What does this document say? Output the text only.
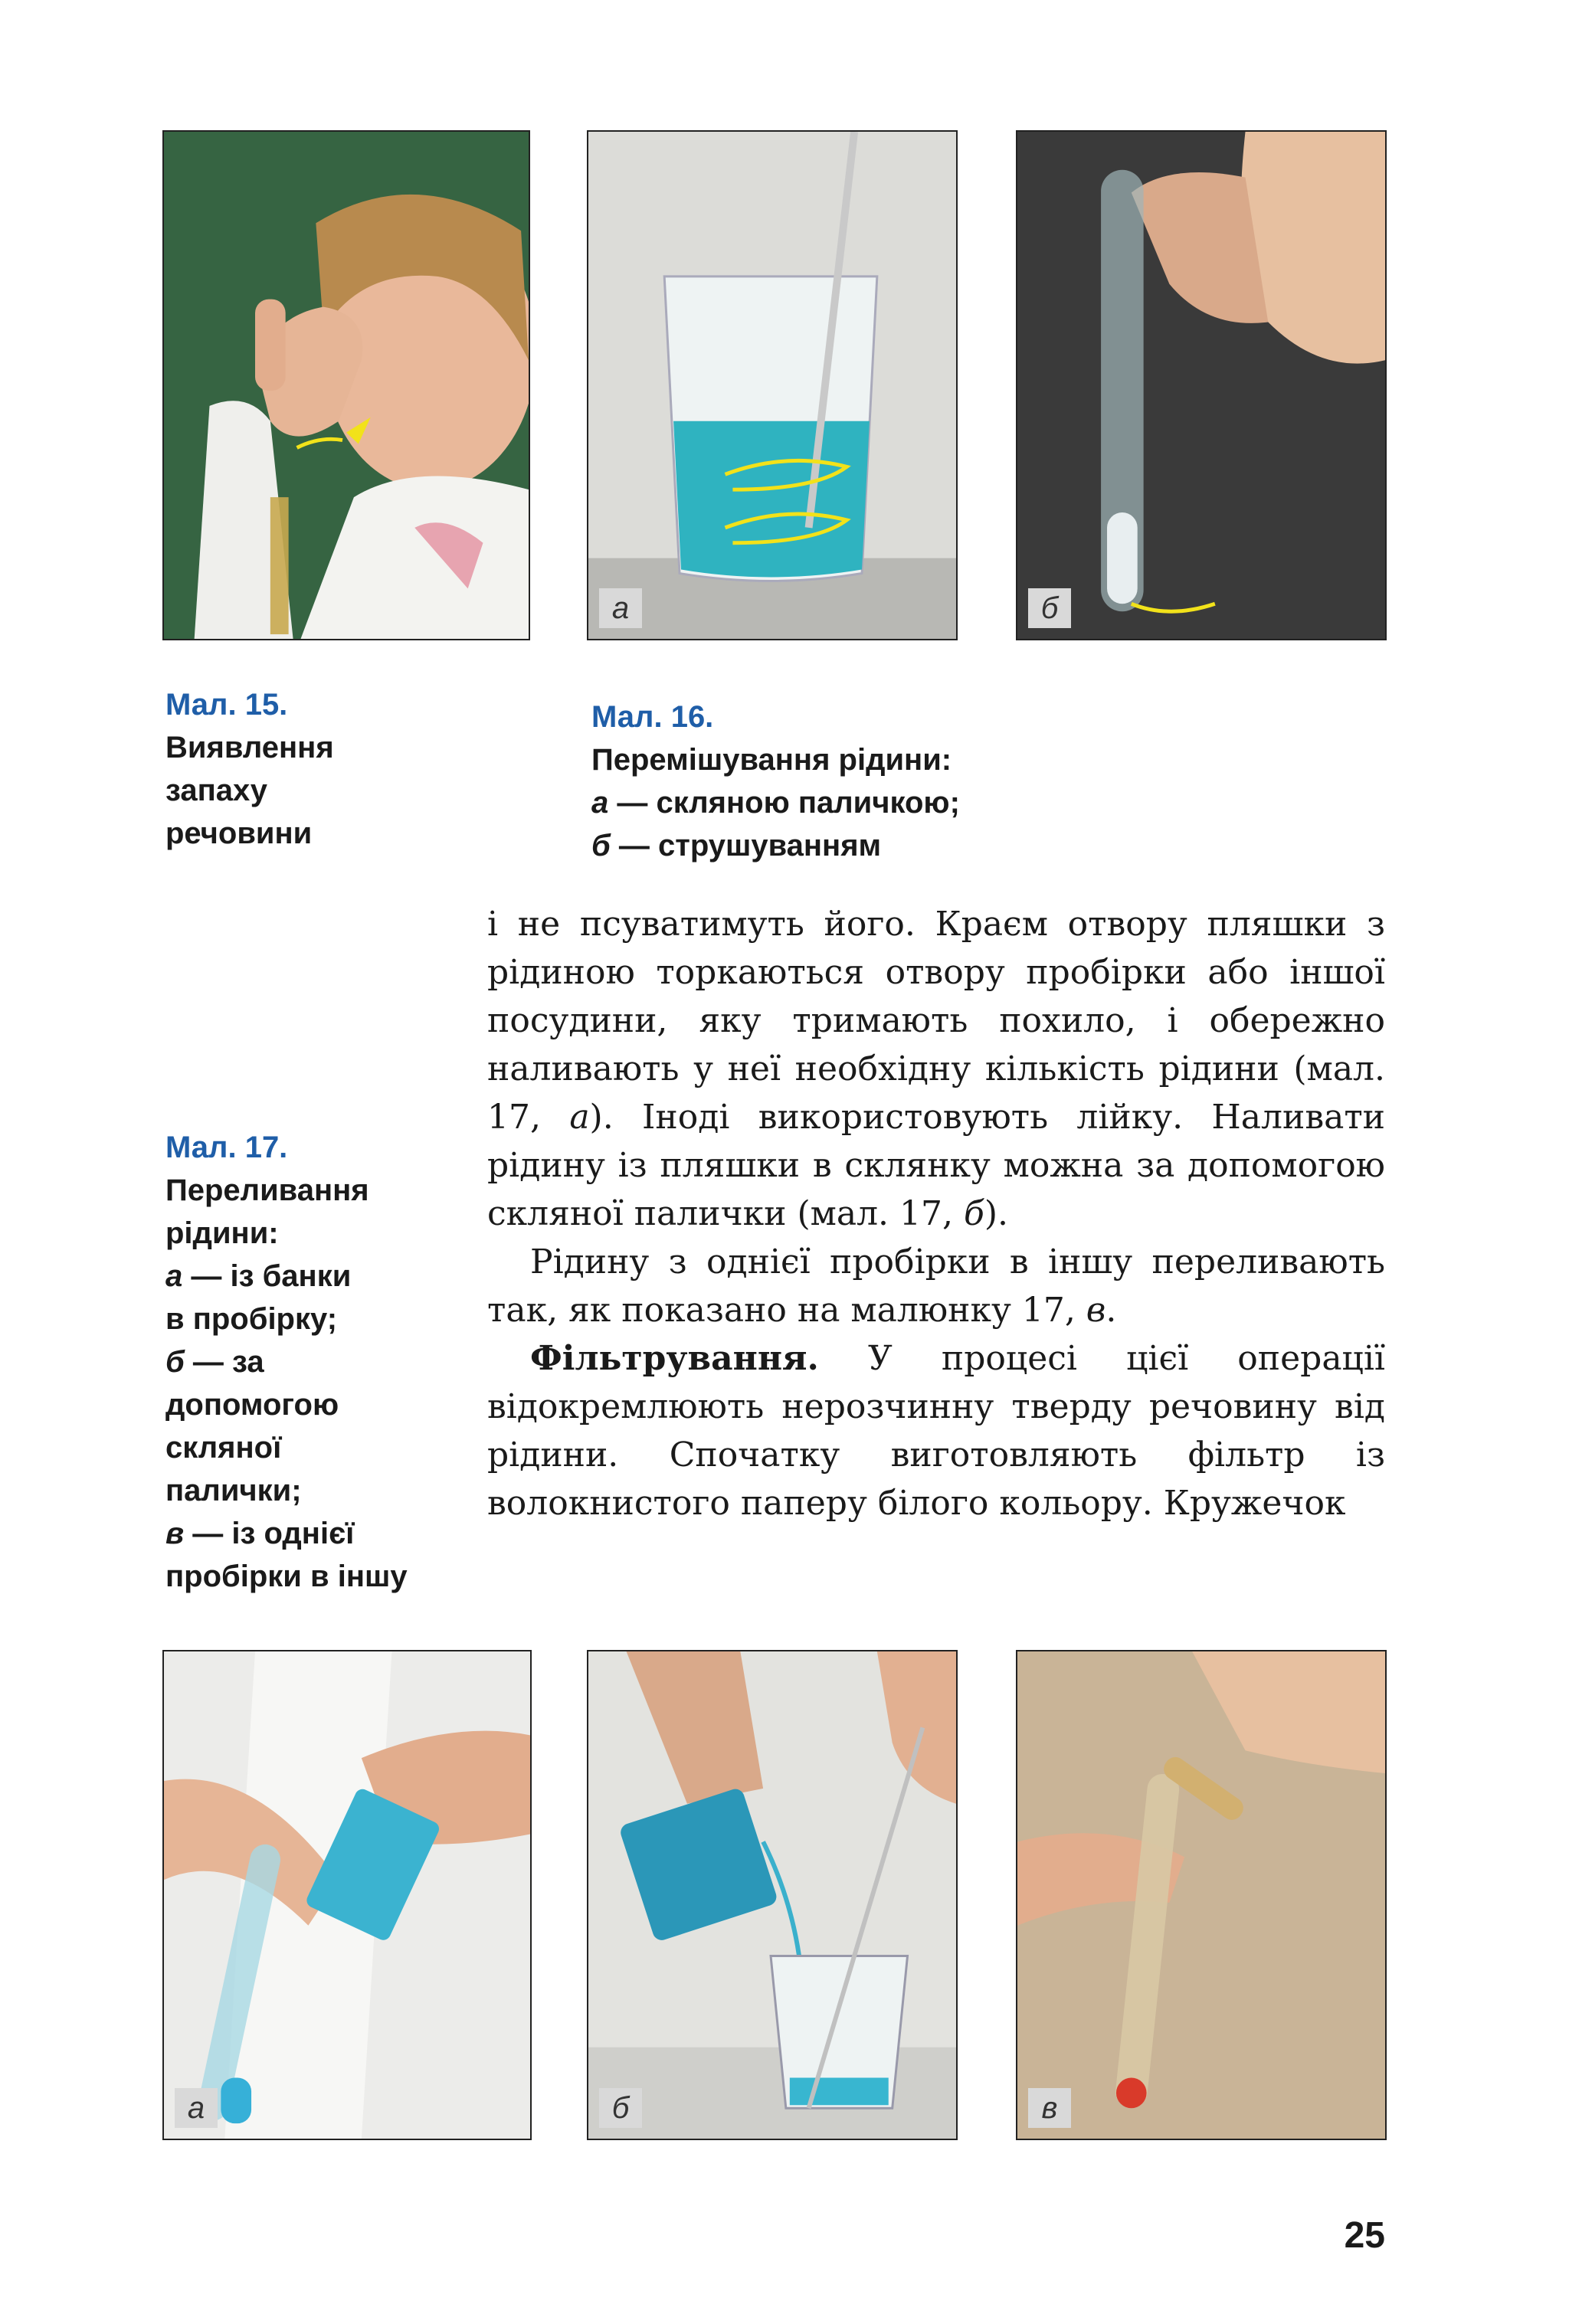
а	б
Мал. 15.
Виявлення
запаху
речовини
Мал. 16.
Перемішування рідини:
а — скляною паличкою;
б — струшуванням
Мал. 17.
Переливання
рідини:
а — із банки
в пробірку;
б — за
допомогою
скляної
палички;
в — із однієї
пробірки в іншу

і не псуватимуть його. Краєм отвору пляшки з рідиною торкаються отвору пробірки або іншої посудини, яку тримають похило, і обережно наливають у неї необхідну кількість рідини (мал. 17, а). Іноді використовують лійку. Наливати рідину із пляшки в склянку можна за допомогою скляної палички (мал. 17, б).

Рідину з однієї пробірки в іншу переливають так, як показано на малюнку 17, в.

Фільтрування. У процесі цієї операції відокремлюють нерозчинну тверду речовину від рідини. Спочатку виготовляють фільтр із волокнистого паперу білого кольору. Кружечок

а	б	в
25
